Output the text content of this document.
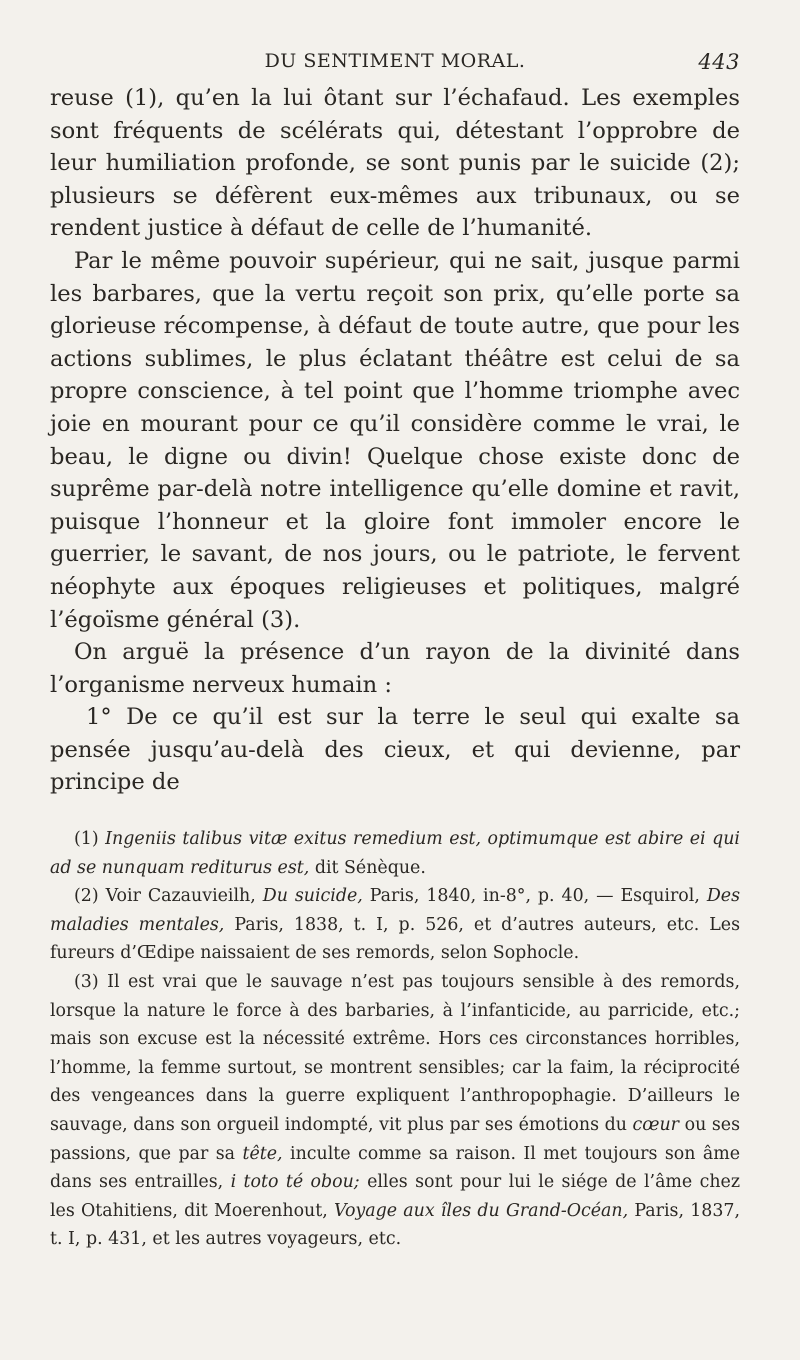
DU SENTIMENT MORAL.	443

reuse (1), qu’en la lui ôtant sur l’échafaud. Les exemples sont fréquents de scélérats qui, détestant l’opprobre de leur humiliation profonde, se sont punis par le suicide (2); plusieurs se défèrent eux-mêmes aux tribunaux, ou se rendent justice à défaut de celle de l’humanité.

Par le même pouvoir supérieur, qui ne sait, jusque parmi les barbares, que la vertu reçoit son prix, qu’elle porte sa glorieuse récompense, à défaut de toute autre, que pour les actions sublimes, le plus éclatant théâtre est celui de sa propre conscience, à tel point que l’homme triomphe avec joie en mourant pour ce qu’il considère comme le vrai, le beau, le digne ou divin! Quelque chose existe donc de suprême par-delà notre intelligence qu’elle domine et ravit, puisque l’honneur et la gloire font immoler encore le guerrier, le savant, de nos jours, ou le patriote, le fervent néophyte aux époques religieuses et politiques, malgré l’égoïsme général (3).

On arguë la présence d’un rayon de la divinité dans l’organisme nerveux humain :

1° De ce qu’il est sur la terre le seul qui exalte sa pensée jusqu’au-delà des cieux, et qui devienne, par principe de

(1) Ingeniis talibus vitæ exitus remedium est, optimumque est abire ei qui ad se nunquam rediturus est, dit Sénèque.

(2) Voir Cazauvieilh, Du suicide, Paris, 1840, in-8°, p. 40, — Esquirol, Des maladies mentales, Paris, 1838, t. I, p. 526, et d’autres auteurs, etc. Les fureurs d’Œdipe naissaient de ses remords, selon Sophocle.

(3) Il est vrai que le sauvage n’est pas toujours sensible à des remords, lorsque la nature le force à des barbaries, à l’infanticide, au parricide, etc.; mais son excuse est la nécessité extrême. Hors ces circonstances horribles, l’homme, la femme surtout, se montrent sensibles; car la faim, la réciprocité des vengeances dans la guerre expliquent l’anthropophagie. D’ailleurs le sauvage, dans son orgueil indompté, vit plus par ses émotions du cœur ou ses passions, que par sa tête, inculte comme sa raison. Il met toujours son âme dans ses entrailles, i toto té obou; elles sont pour lui le siége de l’âme chez les Otahitiens, dit Moerenhout, Voyage aux îles du Grand-Océan, Paris, 1837, t. I, p. 431, et les autres voyageurs, etc.
